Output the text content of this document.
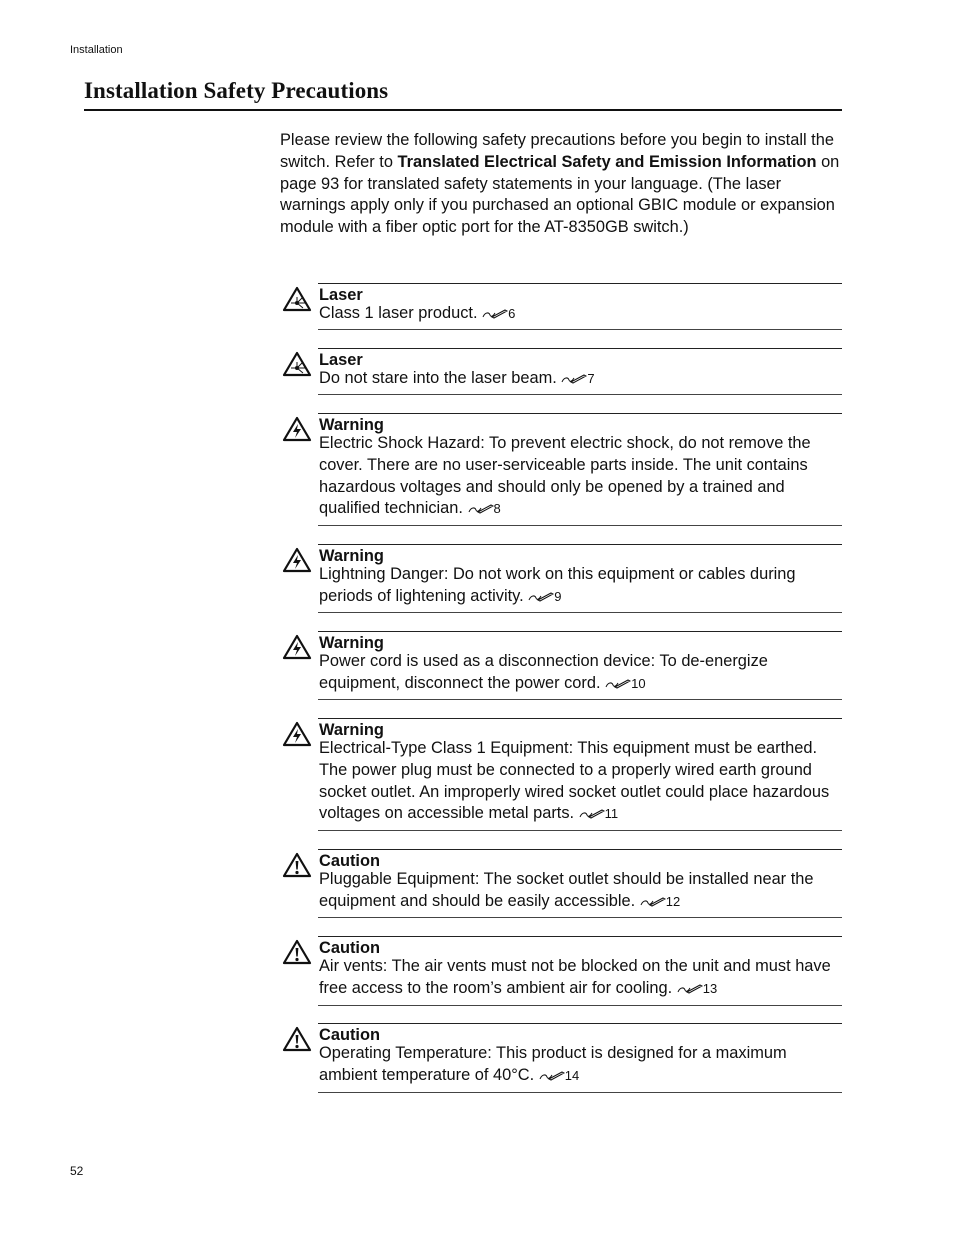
Installation
Installation Safety Precautions

Please review the following safety precautions before you begin to install the switch. Refer to Translated Electrical Safety and Emission Information on page 93 for translated safety statements in your language. (The laser warnings apply only if you purchased an optional GBIC module or expansion module with a fiber optic port for the AT-8350GB switch.)

Laser
Class 1 laser product. 6
Laser
Do not stare into the laser beam. 7
Warning
Electric Shock Hazard: To prevent electric shock, do not remove the cover. There are no user-serviceable parts inside. The unit contains hazardous voltages and should only be opened by a trained and qualified technician. 8
Warning
Lightning Danger: Do not work on this equipment or cables during periods of lightening activity. 9
Warning
Power cord is used as a disconnection device: To de-energize equipment, disconnect the power cord. 10
Warning
Electrical-Type Class 1 Equipment: This equipment must be earthed. The power plug must be connected to a properly wired earth ground socket outlet. An improperly wired socket outlet could place hazardous voltages on accessible metal parts. 11
Caution
Pluggable Equipment: The socket outlet should be installed near the equipment and should be easily accessible. 12
Caution
Air vents: The air vents must not be blocked on the unit and must have free access to the room’s ambient air for cooling. 13
Caution
Operating Temperature: This product is designed for a maximum ambient temperature of 40°C. 14
52
